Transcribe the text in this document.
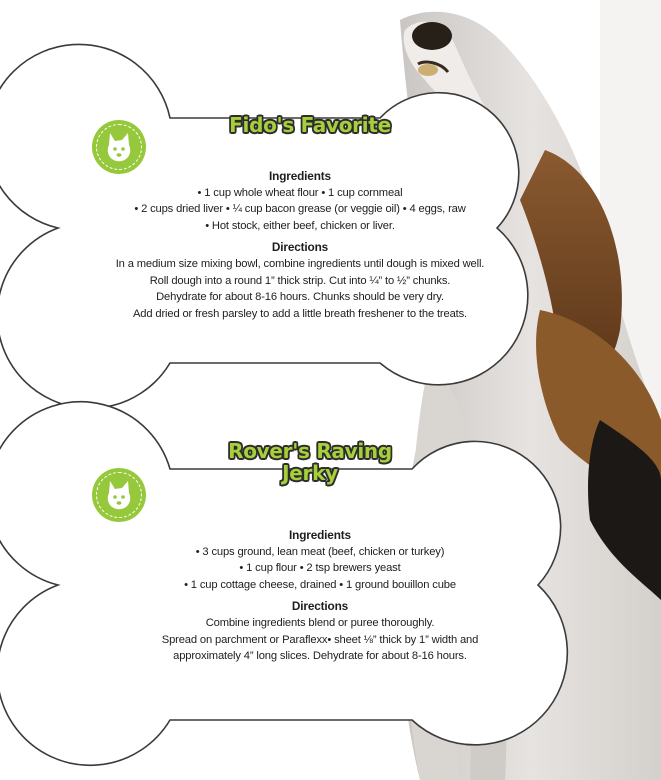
Fido's Favorite
Ingredients
• 1 cup whole wheat flour • 1 cup cornmeal
• 2 cups dried liver • ¼ cup bacon grease (or veggie oil) • 4 eggs, raw
• Hot stock, either beef, chicken or liver.
Directions
In a medium size mixing bowl, combine ingredients until dough is mixed well.
Roll dough into a round 1” thick strip. Cut into ¼” to ½” chunks.
Dehydrate for about 8-16 hours. Chunks should be very dry.
Add dried or fresh parsley to add a little breath freshener to the treats.
Rover's Raving
Jerky
Ingredients
• 3 cups ground, lean meat (beef, chicken or turkey)
• 1 cup flour • 2 tsp brewers yeast
• 1 cup cottage cheese, drained • 1 ground bouillon cube
Directions
Combine ingredients blend or puree thoroughly.
Spread on parchment or Paraflexx• sheet ⅛” thick by 1” width and
approximately 4” long slices. Dehydrate for about 8-16 hours.
